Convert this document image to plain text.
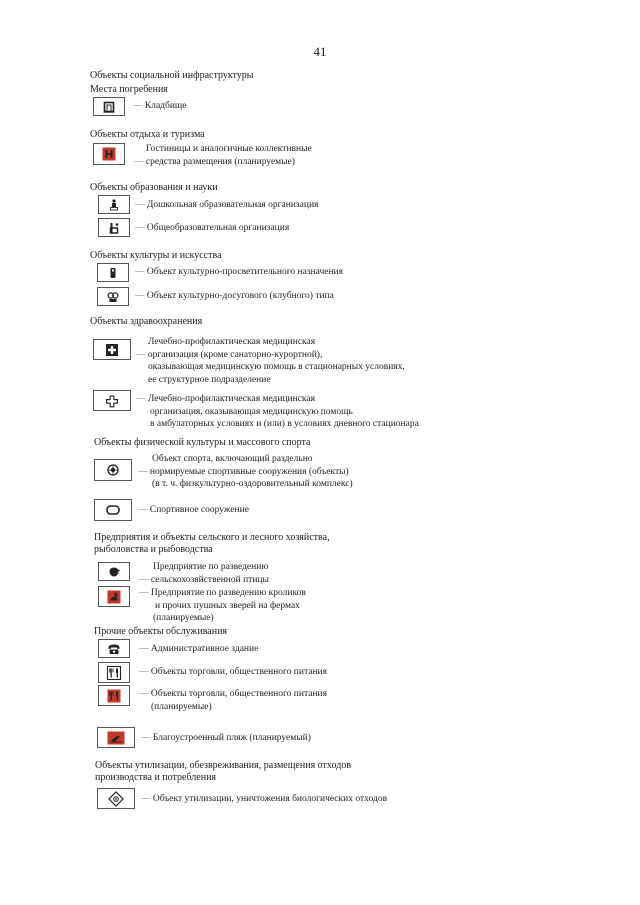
41
Объекты социальной инфраструктуры
Места погребения
— Кладбище
Объекты отдыха и туризма
Гостиницы и аналогичные коллективные
— средства размещения (планируемые)
Объекты образования и науки
— Дошкольная образовательная организация
— Общеобразовательная организация
Объекты культуры и искусства
— Объект культурно-просветительного назначения
— Объект культурно-досугового (клубного) типа
Объекты здравоохранения
Лечебно-профилактическая медицинская
— организация (кроме санаторно-курортной),
оказывающая медицинскую помощь в стационарных условиях,
ее структурное подразделение
— Лечебно-профилактическая медицинская
организация, оказывающая медицинскую помощь
в амбулаторных условиях и (или) в условиях дневного стационара
Объекты физической культуры и массового спорта
Объект спорта, включающий раздельно
— нормируемые спортивные сооружения (объекты)
(в т. ч. физкультурно-оздоровительный комплекс)
— Спортивное сооружение
Предприятия и объекты сельского и лесного хозяйства,
рыболовства и рыбоводства
Предприятие по разведению
— сельскохозяйственной птицы
— Предприятие по разведению кроликов
и прочих пушных зверей на фермах
(планируемые)
Прочие объекты обслуживания
— Административное здание
— Объекты торговли, общественного питания
— Объекты торговли, общественного питания
(планируемые)
— Благоустроенный пляж (планируемый)
Объекты утилизации, обезвреживания, размещения отходов
производства и потребления
— Объект утилизации, уничтожения биологических отходов
